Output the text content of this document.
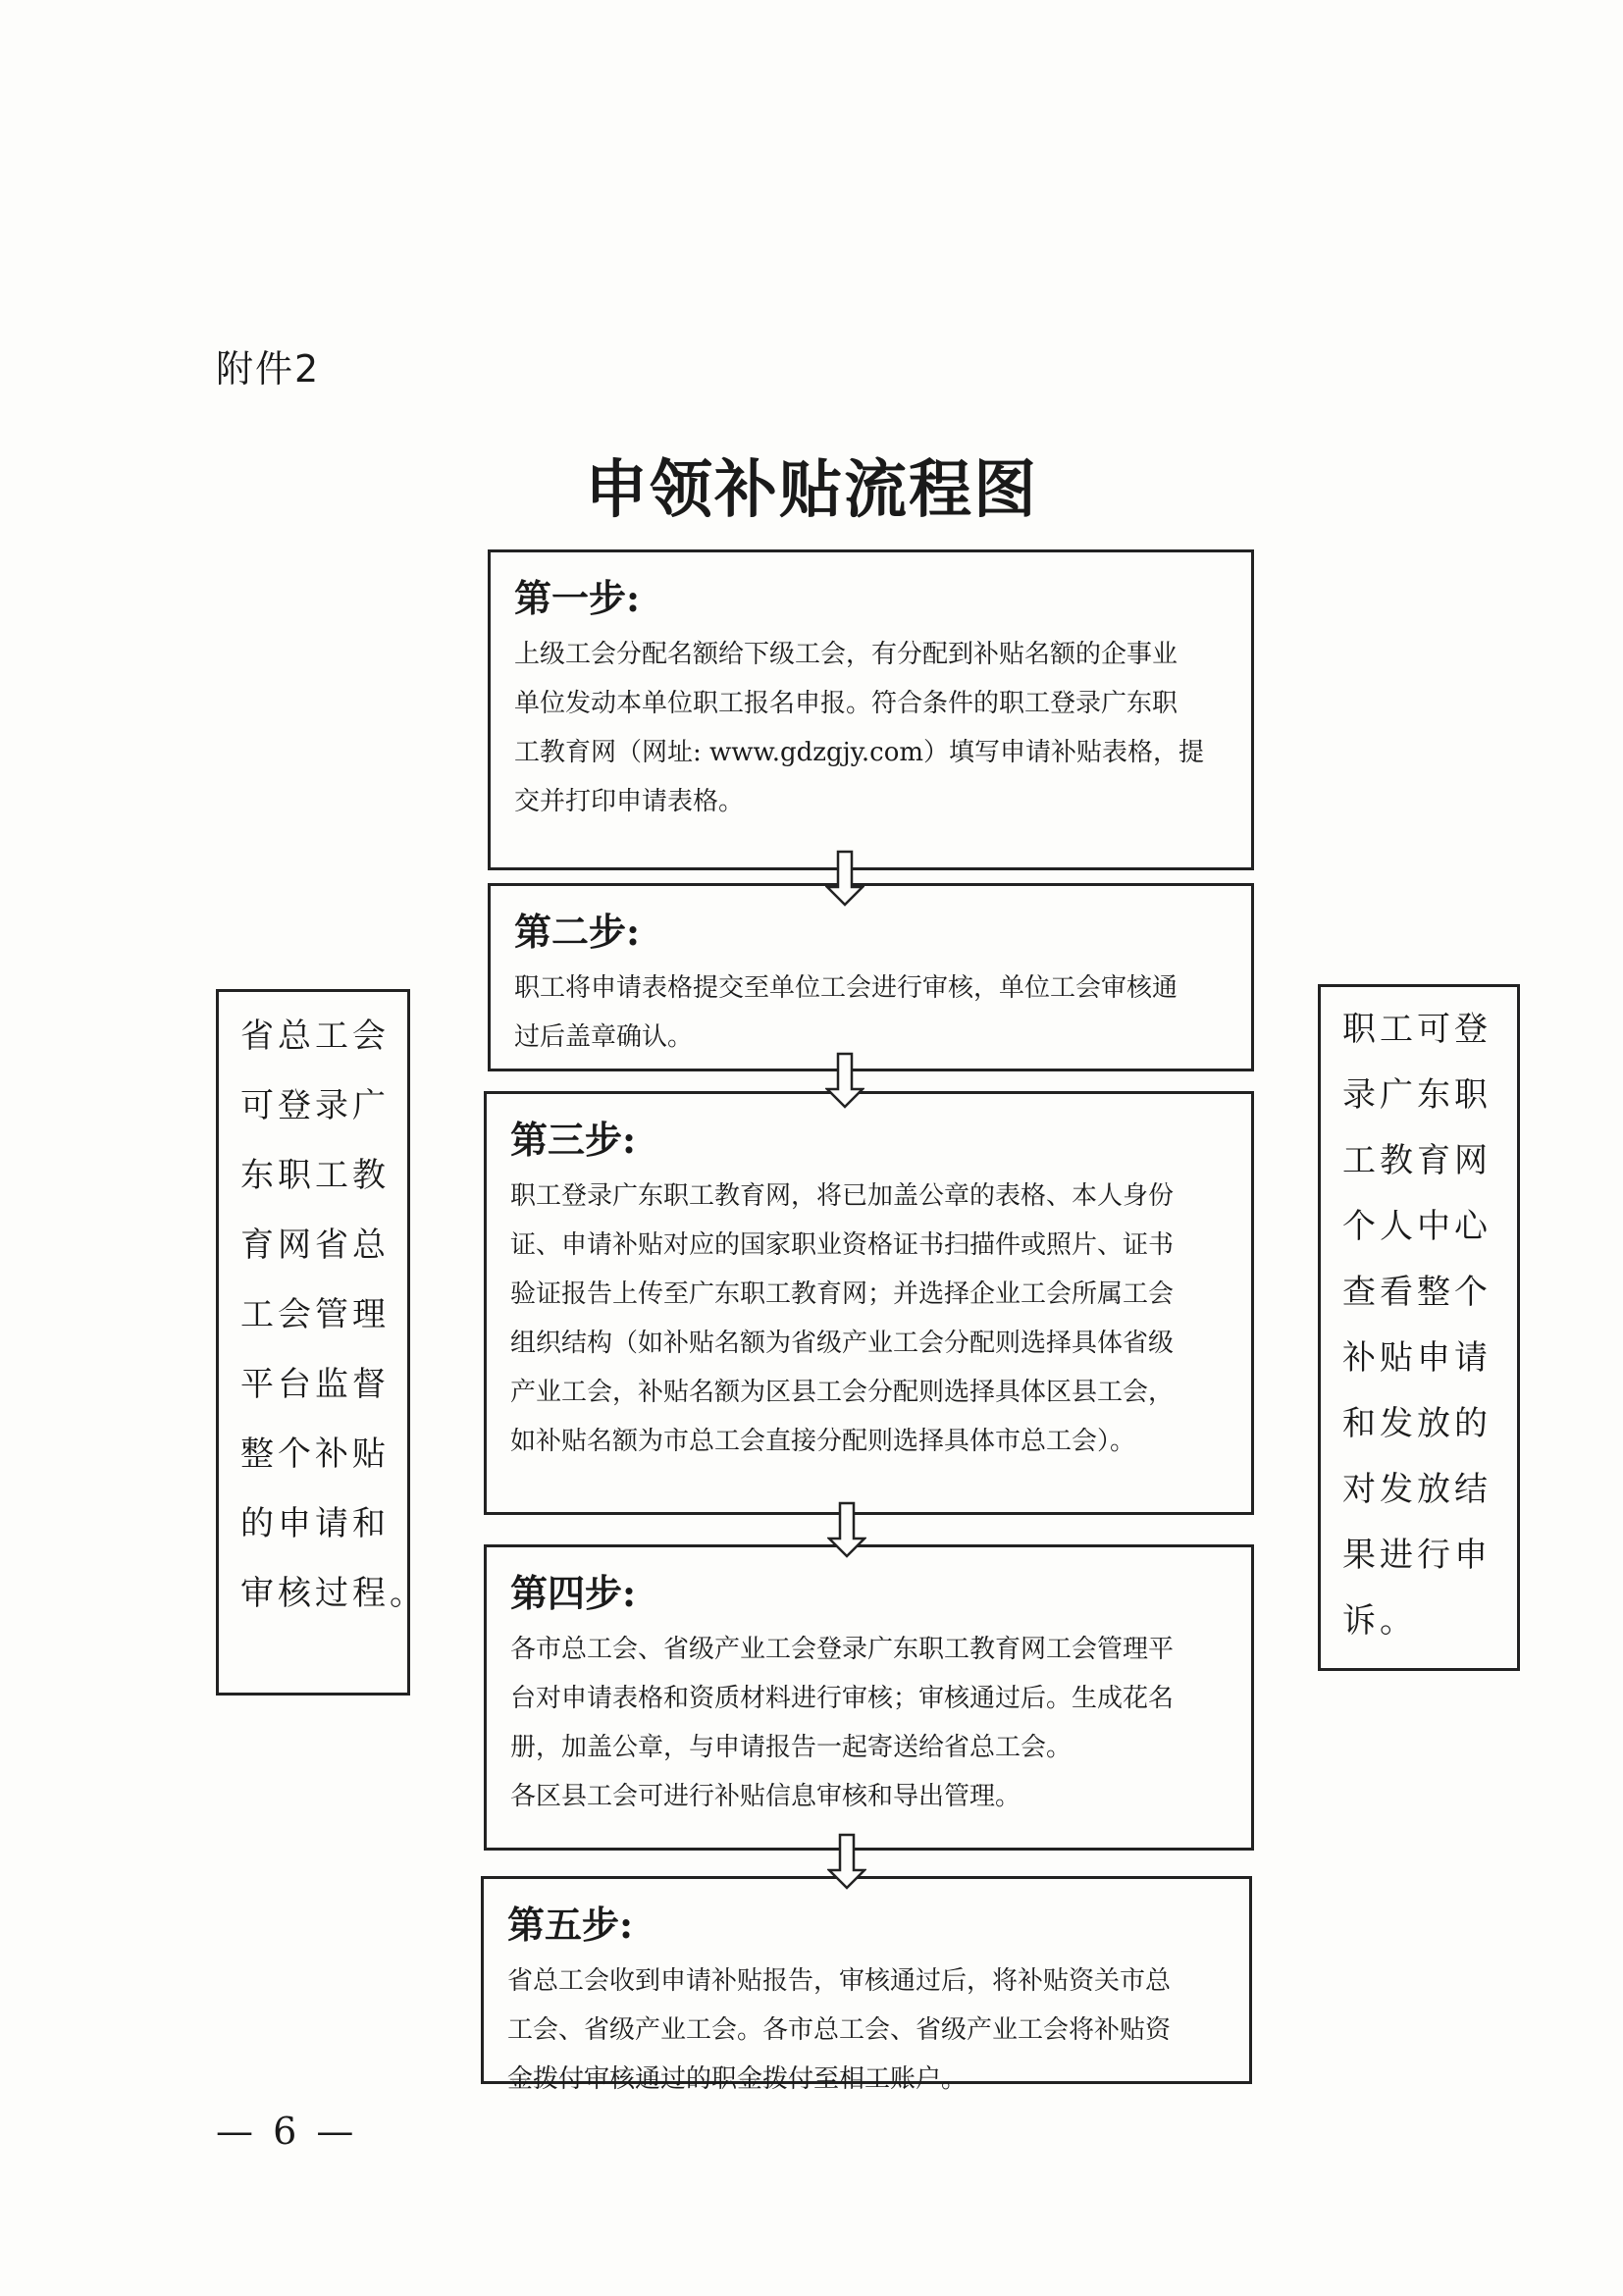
附件2
申领补贴流程图
第一步:

上级工会分配名额给下级工会，有分配到补贴名额的企事业

单位发动本单位职工报名申报。符合条件的职工登录广东职

工教育网（网址: www.gdzgjy.com）填写申请补贴表格，提

交并打印申请表格。

第二步:

职工将申请表格提交至单位工会进行审核，单位工会审核通

过后盖章确认。

第三步:

职工登录广东职工教育网，将已加盖公章的表格、本人身份

证、申请补贴对应的国家职业资格证书扫描件或照片、证书

验证报告上传至广东职工教育网；并选择企业工会所属工会

组织结构（如补贴名额为省级产业工会分配则选择具体省级

产业工会，补贴名额为区县工会分配则选择具体区县工会，

如补贴名额为市总工会直接分配则选择具体市总工会）。

第四步:

各市总工会、省级产业工会登录广东职工教育网工会管理平

台对申请表格和资质材料进行审核；审核通过后。生成花名

册，加盖公章，与申请报告一起寄送给省总工会。

各区县工会可进行补贴信息审核和导出管理。

第五步:

省总工会收到申请补贴报告，审核通过后，将补贴资关市总

工会、省级产业工会。各市总工会、省级产业工会将补贴资

金拨付审核通过的职金拨付至相工账户。

省总工会

可登录广

东职工教

育网省总

工会管理

平台监督

整个补贴

的申请和

审核过程。

职工可登

录广东职

工教育网

个人中心

查看整个

补贴申请

和发放的

对发放结

果进行申

诉。

— 6 —
